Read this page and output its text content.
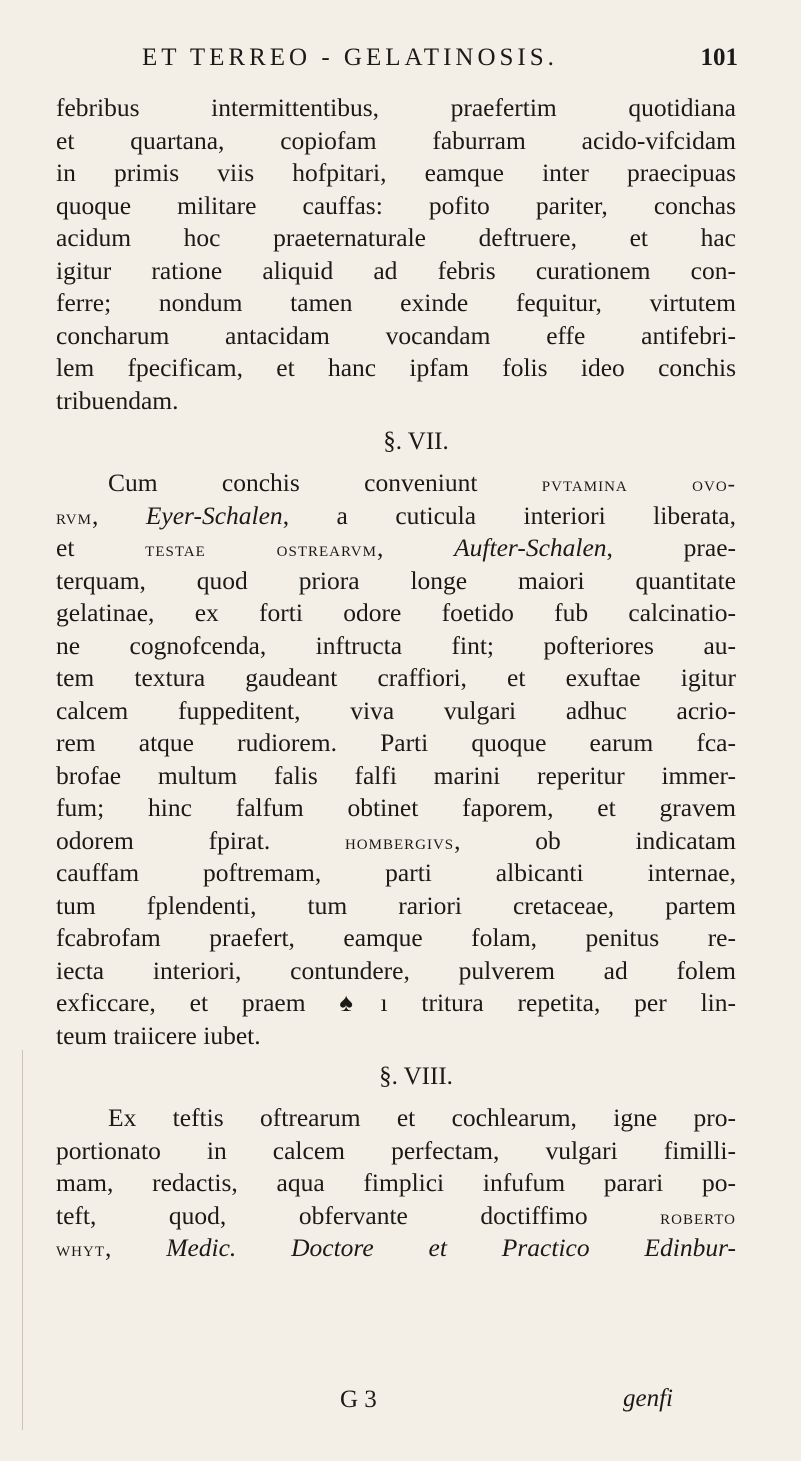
ET TERREO - GELATINOSIS.	101
febribus intermittentibus, praefertim quotidiana
et quartana, copiofam faburram acido-vifcidam
in primis viis hofpitari, eamque inter praecipuas
quoque militare cauffas: pofito pariter, conchas
acidum hoc praeternaturale deftruere, et hac
igitur ratione aliquid ad febris curationem con-
ferre; nondum tamen exinde fequitur, virtutem
concharum antacidam vocandam effe antifebri-
lem fpecificam, et hanc ipfam folis ideo conchis
tribuendam.
§. VII.
Cum conchis conveniunt pvtamina ovo-
rvm, Eyer-Schalen, a cuticula interiori liberata,
et testae ostrearvm, Aufter-Schalen, prae-
terquam, quod priora longe maiori quantitate
gelatinae, ex forti odore foetido fub calcinatio-
ne cognofcenda, inftructa fint; pofteriores au-
tem textura gaudeant craffiori, et exuftae igitur
calcem fuppeditent, viva vulgari adhuc acrio-
rem atque rudiorem. Parti quoque earum fca-
brofae multum falis falfi marini reperitur immer-
fum; hinc falfum obtinet faporem, et gravem
odorem fpirat. hombergivs, ob indicatam
cauffam poftremam, parti albicanti internae,
tum fplendenti, tum rariori cretaceae, partem
fcabrofam praefert, eamque folam, penitus re-
iecta interiori, contundere, pulverem ad folem
exficcare, et praem ♠ı tritura repetita, per lin-
teum traiicere iubet.
§. VIII.
Ex teftis oftrearum et cochlearum, igne pro-
portionato in calcem perfectam, vulgari fimilli-
mam, redactis, aqua fimplici infufum parari po-
teft, quod, obfervante doctiffimo roberto
whyt, Medic. Doctore et Practico Edinbur-
G 3	genfi
